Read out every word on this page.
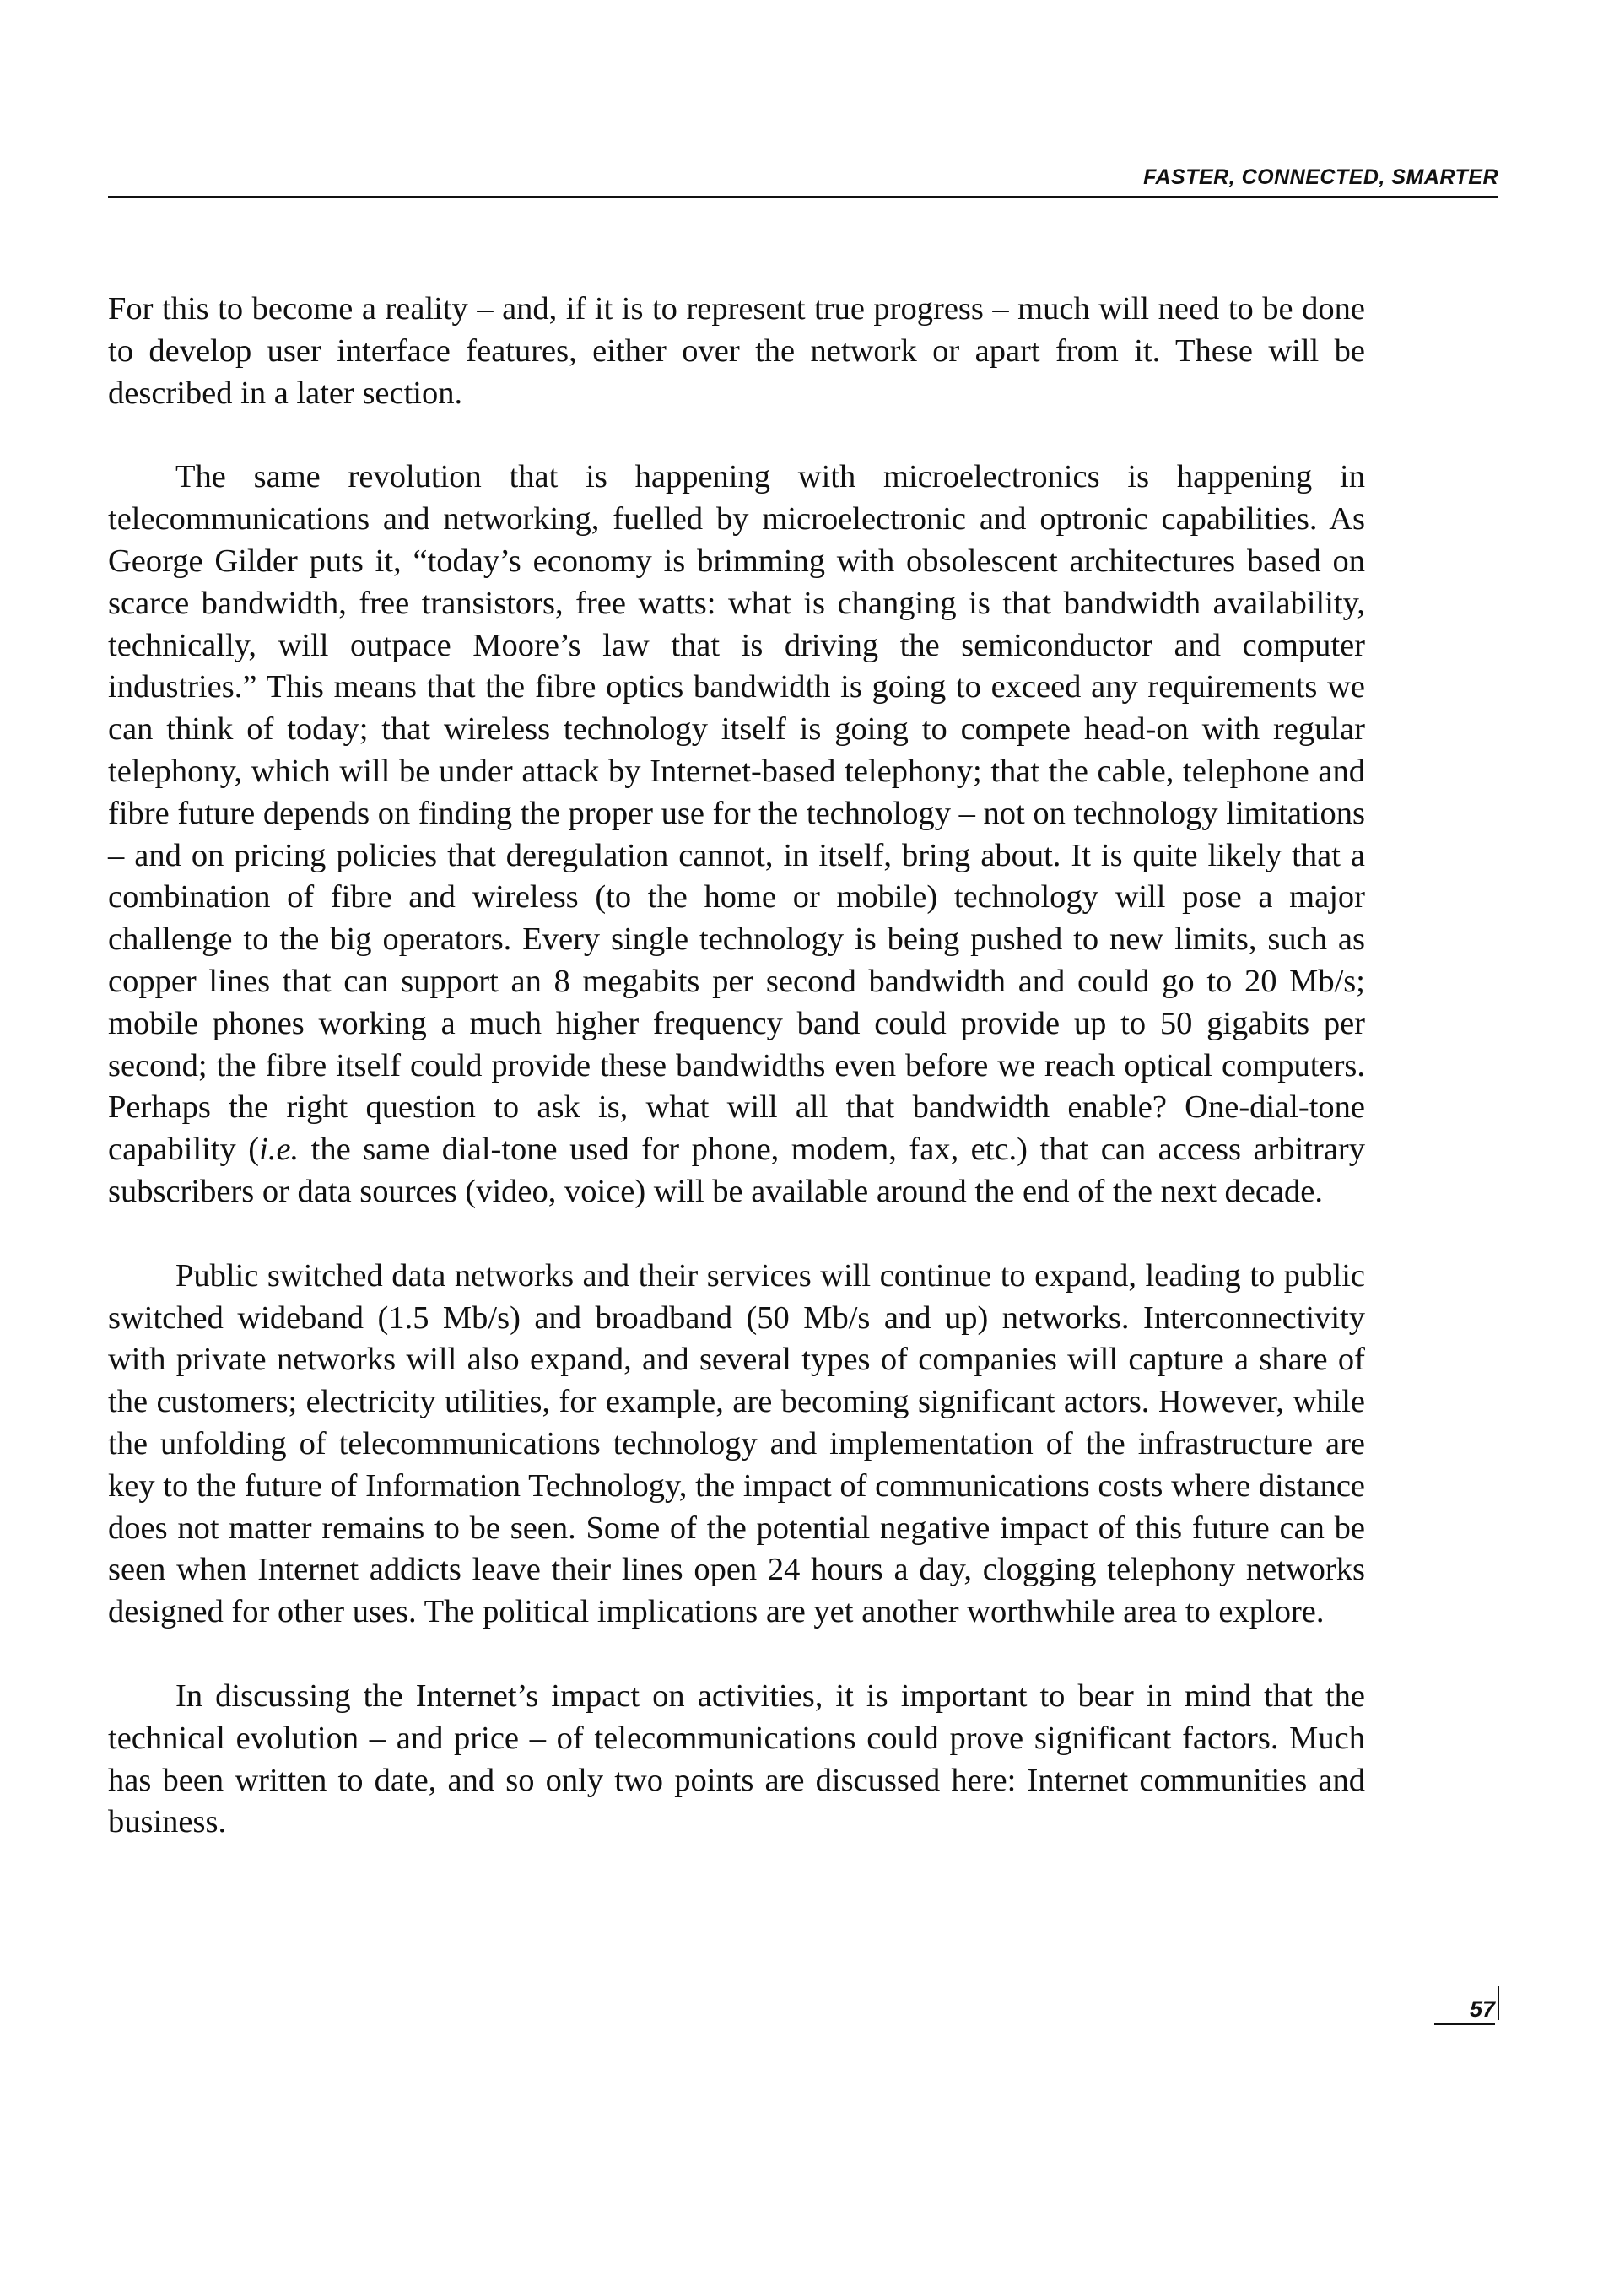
FASTER, CONNECTED, SMARTER

For this to become a reality – and, if it is to represent true progress – much will need to be done to develop user interface features, either over the network or apart from it. These will be described in a later section.

The same revolution that is happening with microelectronics is happening in telecommunications and networking, fuelled by microelectronic and optronic capabilities. As George Gilder puts it, “today’s economy is brimming with obsolescent architectures based on scarce bandwidth, free transistors, free watts: what is changing is that bandwidth availability, technically, will outpace Moore’s law that is driving the semiconductor and computer industries.” This means that the fibre optics bandwidth is going to exceed any requirements we can think of today; that wireless technology itself is going to compete head-on with regular telephony, which will be under attack by Internet-based telephony; that the cable, telephone and fibre future depends on finding the proper use for the technology – not on technology limitations – and on pricing policies that deregulation cannot, in itself, bring about. It is quite likely that a combination of fibre and wireless (to the home or mobile) technology will pose a major challenge to the big operators. Every single technology is being pushed to new limits, such as copper lines that can support an 8 megabits per second bandwidth and could go to 20 Mb/s; mobile phones working a much higher frequency band could provide up to 50 gigabits per second; the fibre itself could provide these bandwidths even before we reach optical computers. Perhaps the right question to ask is, what will all that bandwidth enable? One-dial-tone capability (i.e. the same dial-tone used for phone, modem, fax, etc.) that can access arbitrary subscribers or data sources (video, voice) will be available around the end of the next decade.

Public switched data networks and their services will continue to expand, leading to public switched wideband (1.5 Mb/s) and broadband (50 Mb/s and up) networks. Interconnectivity with private networks will also expand, and several types of companies will capture a share of the customers; electricity utilities, for example, are becoming significant actors. However, while the unfolding of telecommunications technology and implementation of the infrastructure are key to the future of Information Technology, the impact of communications costs where distance does not matter remains to be seen. Some of the potential negative impact of this future can be seen when Internet addicts leave their lines open 24 hours a day, clogging telephony networks designed for other uses. The political implications are yet another worthwhile area to explore.

In discussing the Internet’s impact on activities, it is important to bear in mind that the technical evolution – and price – of telecommunications could prove significant factors. Much has been written to date, and so only two points are discussed here: Internet communities and business.

57
